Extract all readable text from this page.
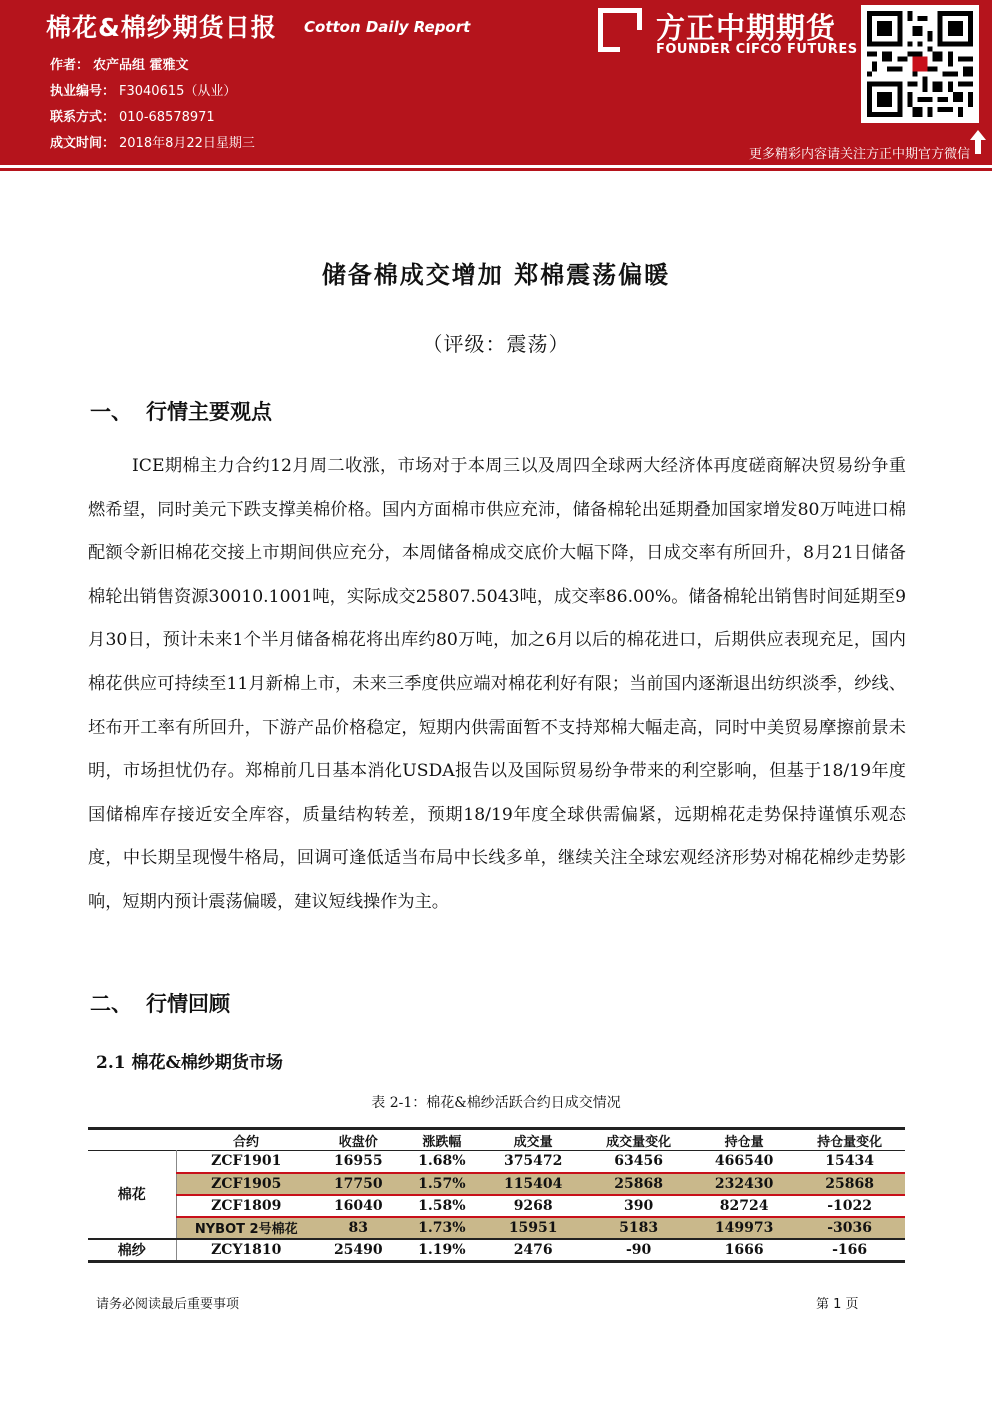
棉花&棉纱期货日报 Cotton Daily Report
作者： 农产品组 霍雅文
执业编号： F3040615（从业）
联系方式： 010-68578971
成文时间： 2018年8月22日星期三
方正中期期货
FOUNDER CIFCO FUTURES
更多精彩内容请关注方正中期官方微信
储备棉成交增加 郑棉震荡偏暖
（评级：震荡）
一、 行情主要观点
ICE期棉主力合约12月周二收涨，市场对于本周三以及周四全球两大经济体再度磋商解决贸易纷争重燃希望，同时美元下跌支撑美棉价格。国内方面棉市供应充沛，储备棉轮出延期叠加国家增发80万吨进口棉配额令新旧棉花交接上市期间供应充分，本周储备棉成交底价大幅下降，日成交率有所回升，8月21日储备棉轮出销售资源30010.1001吨，实际成交25807.5043吨，成交率86.00%。储备棉轮出销售时间延期至9月30日，预计未来1个半月储备棉花将出库约80万吨，加之6月以后的棉花进口，后期供应表现充足，国内棉花供应可持续至11月新棉上市，未来三季度供应端对棉花利好有限；当前国内逐渐退出纺织淡季，纱线、坯布开工率有所回升，下游产品价格稳定，短期内供需面暂不支持郑棉大幅走高，同时中美贸易摩擦前景未明，市场担忧仍存。郑棉前几日基本消化USDA报告以及国际贸易纷争带来的利空影响，但基于18/19年度国储棉库存接近安全库容，质量结构转差，预期18/19年度全球供需偏紧，远期棉花走势保持谨慎乐观态度，中长期呈现慢牛格局，回调可逢低适当布局中长线多单，继续关注全球宏观经济形势对棉花棉纱走势影响，短期内预计震荡偏暖，建议短线操作为主。
二、 行情回顾
2.1 棉花&棉纱期货市场
表 2-1：棉花&棉纱活跃合约日成交情况
	合约	收盘价	涨跌幅	成交量	成交量变化	持仓量	持仓量变化
棉花	ZCF1901	16955	1.68%	375472	63456	466540	15434
	ZCF1905	17750	1.57%	115404	25868	232430	25868
	ZCF1809	16040	1.58%	9268	390	82724	-1022
	NYBOT 2号棉花	83	1.73%	15951	5183	149973	-3036
棉纱	ZCY1810	25490	1.19%	2476	-90	1666	-166
请务必阅读最后重要事项	第 1 页
